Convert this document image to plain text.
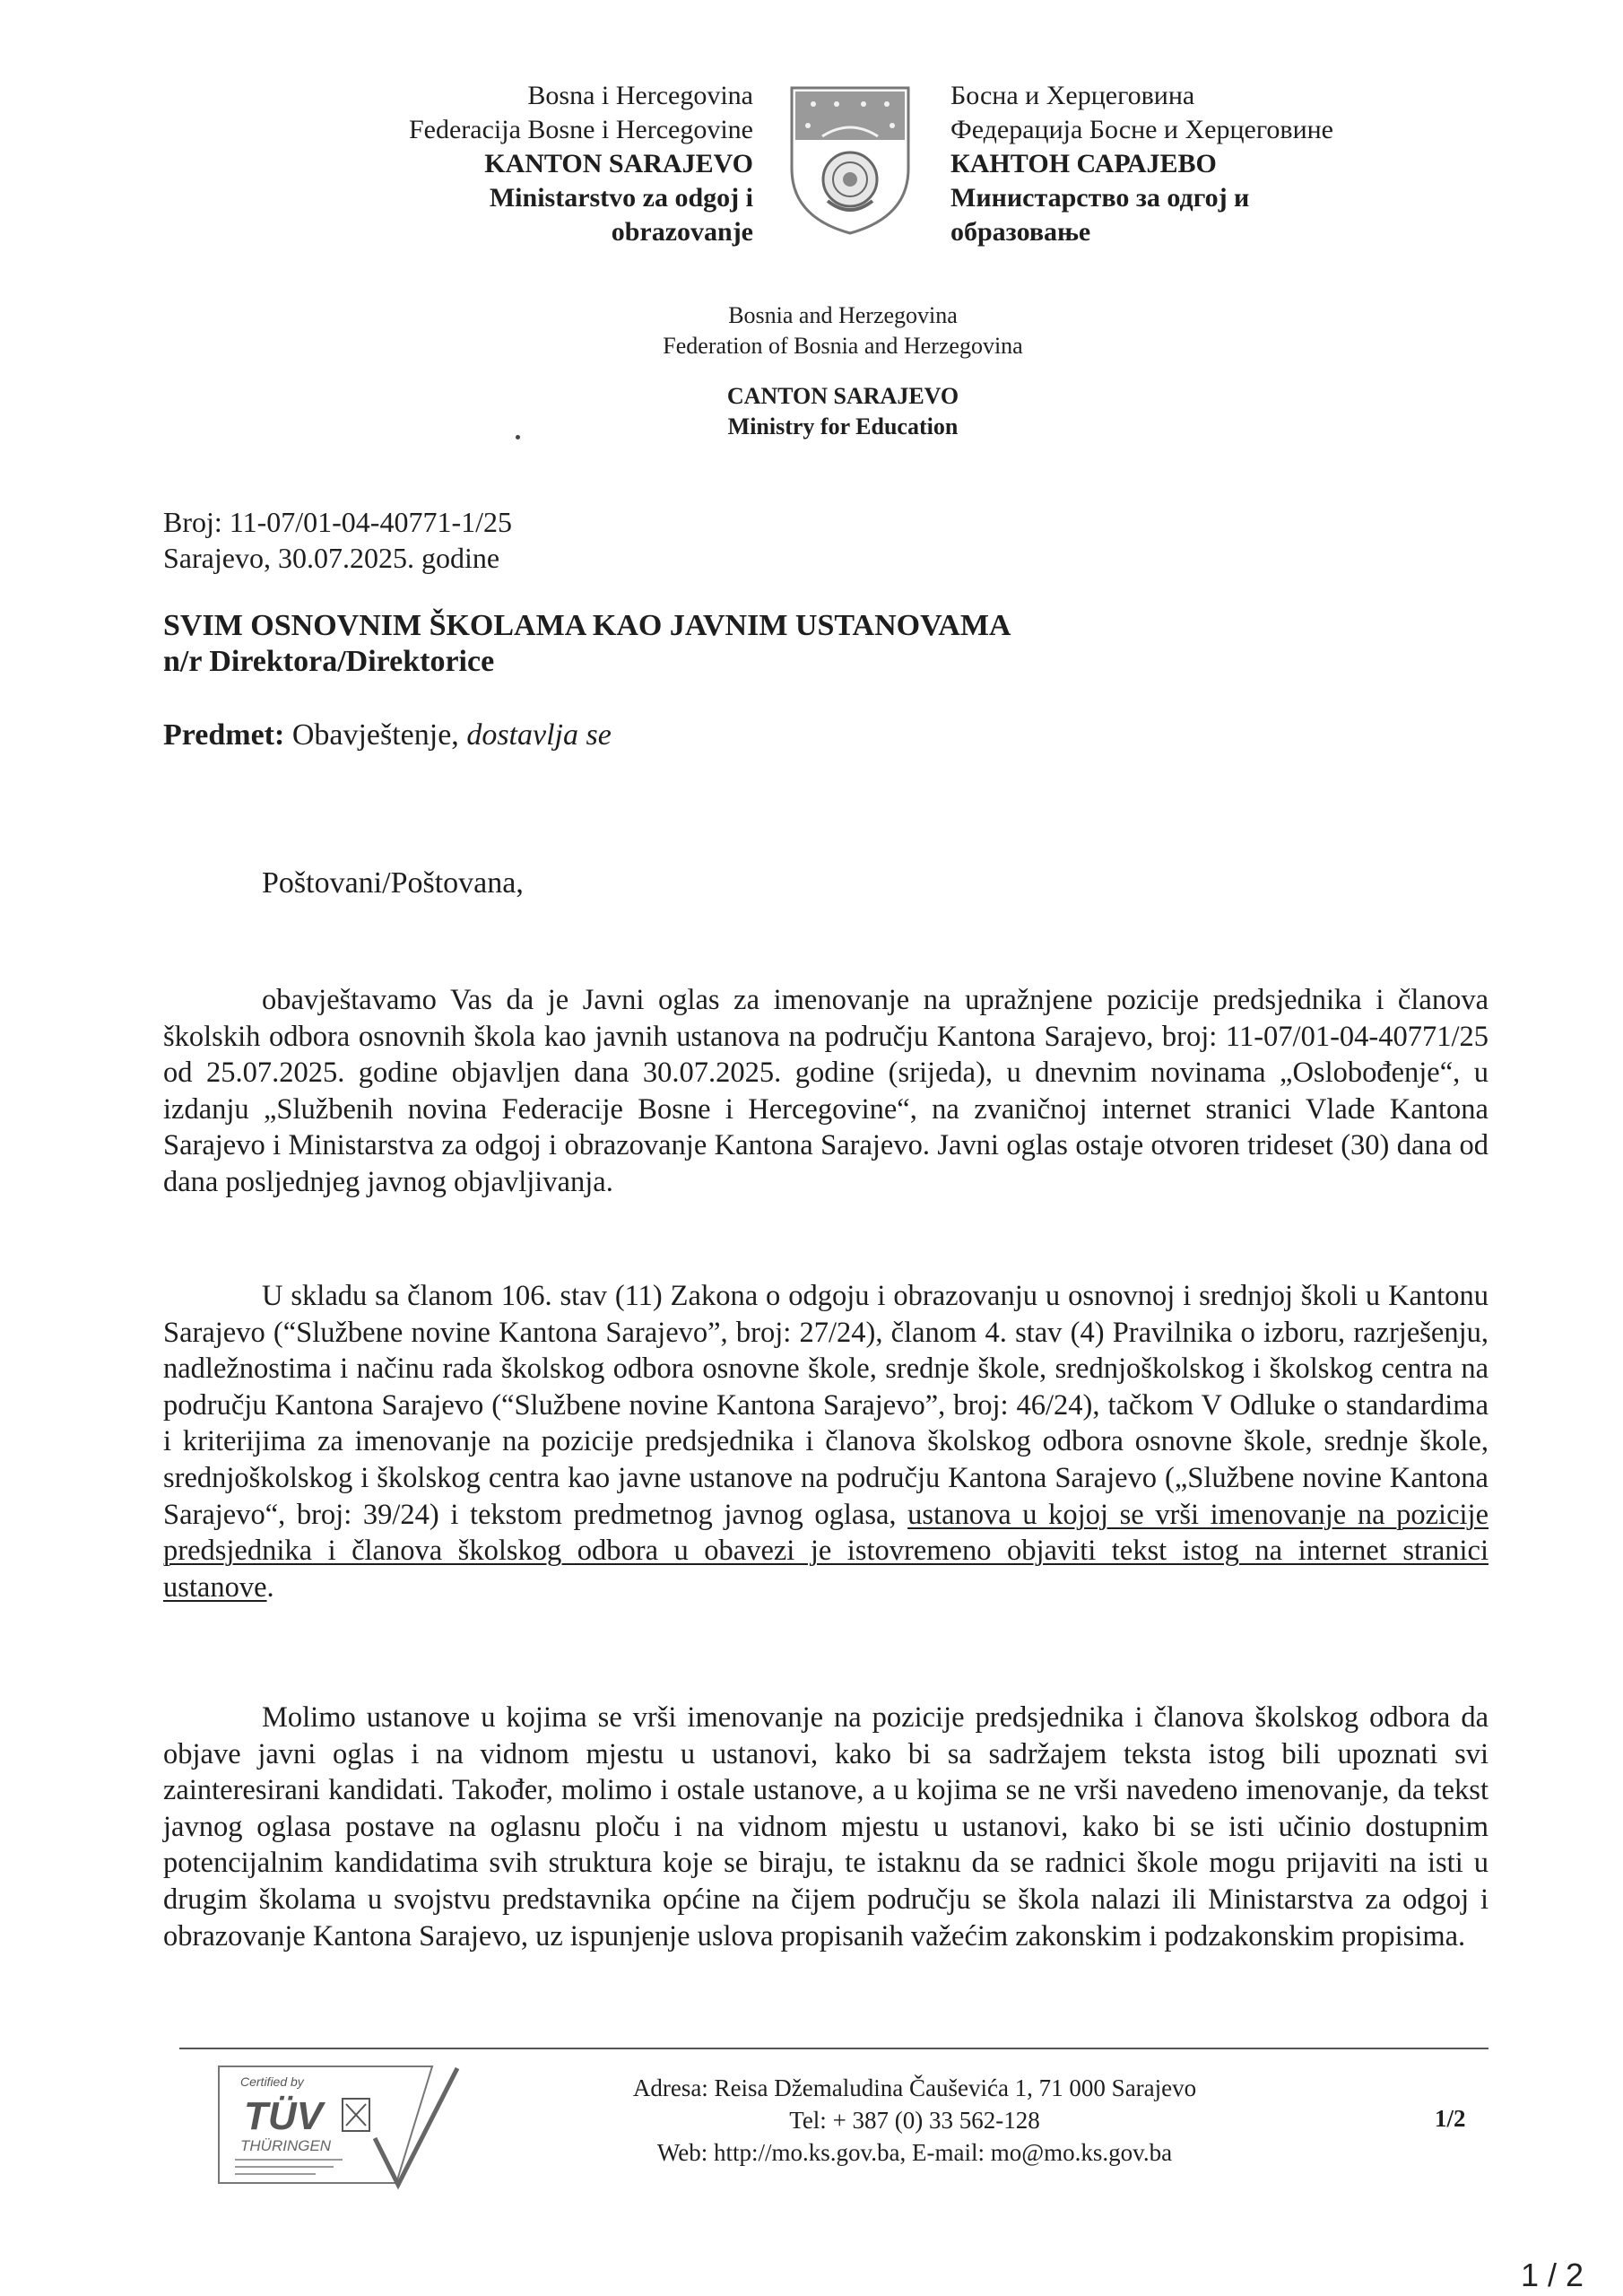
Bosna i Hercegovina
Federacija Bosne i Hercegovine
KANTON SARAJEVO
Ministarstvo za odgoj i
obrazovanje
Босна и Херцеговина
Федерација Босне и Херцеговине
КАНТОН САРАЈЕВО
Министарство за одгој и
образовање
Bosnia and Herzegovina
Federation of Bosnia and Herzegovina
CANTON SARAJEVO
Ministry for Education
Broj: 11-07/01-04-40771-1/25
Sarajevo, 30.07.2025. godine
SVIM OSNOVNIM ŠKOLAMA KAO JAVNIM USTANOVAMA
n/r Direktora/Direktorice
Predmet: Obavještenje, dostavlja se
Poštovani/Poštovana,
obavještavamo Vas da je Javni oglas za imenovanje na upražnjene pozicije predsjednika i članova školskih odbora osnovnih škola kao javnih ustanova na području Kantona Sarajevo, broj: 11-07/01-04-40771/25 od 25.07.2025. godine objavljen dana 30.07.2025. godine (srijeda), u dnevnim novinama „Oslobođenje“, u izdanju „Službenih novina Federacije Bosne i Hercegovine“, na zvaničnoj internet stranici Vlade Kantona Sarajevo i Ministarstva za odgoj i obrazovanje Kantona Sarajevo. Javni oglas ostaje otvoren trideset (30) dana od dana posljednjeg javnog objavljivanja.
U skladu sa članom 106. stav (11) Zakona o odgoju i obrazovanju u osnovnoj i srednjoj školi u Kantonu Sarajevo (“Službene novine Kantona Sarajevo”, broj: 27/24), članom 4. stav (4) Pravilnika o izboru, razrješenju, nadležnostima i načinu rada školskog odbora osnovne škole, srednje škole, srednjoškolskog i školskog centra na području Kantona Sarajevo (“Službene novine Kantona Sarajevo”, broj: 46/24), tačkom V Odluke o standardima i kriterijima za imenovanje na pozicije predsjednika i članova školskog odbora osnovne škole, srednje škole, srednjoškolskog i školskog centra kao javne ustanove na području Kantona Sarajevo („Službene novine Kantona Sarajevo“, broj: 39/24) i tekstom predmetnog javnog oglasa, ustanova u kojoj se vrši imenovanje na pozicije predsjednika i članova školskog odbora u obavezi je istovremeno objaviti tekst istog na internet stranici ustanove.
Molimo ustanove u kojima se vrši imenovanje na pozicije predsjednika i članova školskog odbora da objave javni oglas i na vidnom mjestu u ustanovi, kako bi sa sadržajem teksta istog bili upoznati svi zainteresirani kandidati. Također, molimo i ostale ustanove, a u kojima se ne vrši navedeno imenovanje, da tekst javnog oglasa postave na oglasnu ploču i na vidnom mjestu u ustanovi, kako bi se isti učinio dostupnim potencijalnim kandidatima svih struktura koje se biraju, te istaknu da se radnici škole mogu prijaviti na isti u drugim školama u svojstvu predstavnika općine na čijem području se škola nalazi ili Ministarstva za odgoj i obrazovanje Kantona Sarajevo, uz ispunjenje uslova propisanih važećim zakonskim i podzakonskim propisima.
Certified by
TÜV
THÜRINGEN
Adresa: Reisa Džemaludina Čauševića 1, 71 000 Sarajevo
Tel: + 387 (0) 33 562-128
Web: http://mo.ks.gov.ba, E-mail: mo@mo.ks.gov.ba
1/2
1 / 2
